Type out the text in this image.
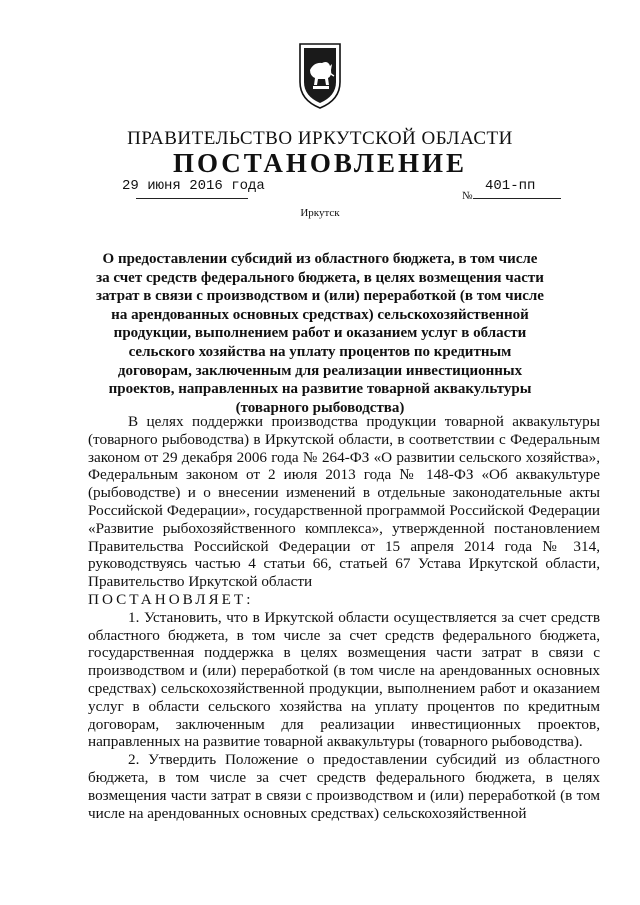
ПРАВИТЕЛЬСТВО ИРКУТСКОЙ ОБЛАСТИ
ПОСТАНОВЛЕНИЕ
29 июня 2016 года
№
401-пп
Иркутск
О предоставлении субсидий из областного бюджета, в том числе за счет средств федерального бюджета, в целях возмещения части затрат в связи с производством и (или) переработкой (в том числе на арендованных основных средствах) сельскохозяйственной продукции, выполнением работ и оказанием услуг в области сельского хозяйства на уплату процентов по кредитным договорам, заключенным для реализации инвестиционных проектов, направленных на развитие товарной аквакультуры (товарного рыбоводства)

В целях поддержки производства продукции товарной аквакультуры (товарного рыбоводства) в Иркутской области, в соответствии с Федеральным законом от 29 декабря 2006 года № 264-ФЗ «О развитии сельского хозяйства», Федеральным законом от 2 июля 2013 года № 148-ФЗ «Об аквакультуре (рыбоводстве) и о внесении изменений в отдельные законодательные акты Российской Федерации», государственной программой Российской Федерации «Развитие рыбохозяйственного комплекса», утвержденной постановлением Правительства Российской Федерации от 15 апреля 2014 года № 314, руководствуясь частью 4 статьи 66, статьей 67 Устава Иркутской области, Правительство Иркутской области

ПОСТАНОВЛЯЕТ:

1. Установить, что в Иркутской области осуществляется за счет средств областного бюджета, в том числе за счет средств федерального бюджета, государственная поддержка в целях возмещения части затрат в связи с производством и (или) переработкой (в том числе на арендованных основных средствах) сельскохозяйственной продукции, выполнением работ и оказанием услуг в области сельского хозяйства на уплату процентов по кредитным договорам, заключенным для реализации инвестиционных проектов, направленных на развитие товарной аквакультуры (товарного рыбоводства).

2. Утвердить Положение о предоставлении субсидий из областного бюджета, в том числе за счет средств федерального бюджета, в целях возмещения части затрат в связи с производством и (или) переработкой (в том числе на арендованных основных средствах) сельскохозяйственной
